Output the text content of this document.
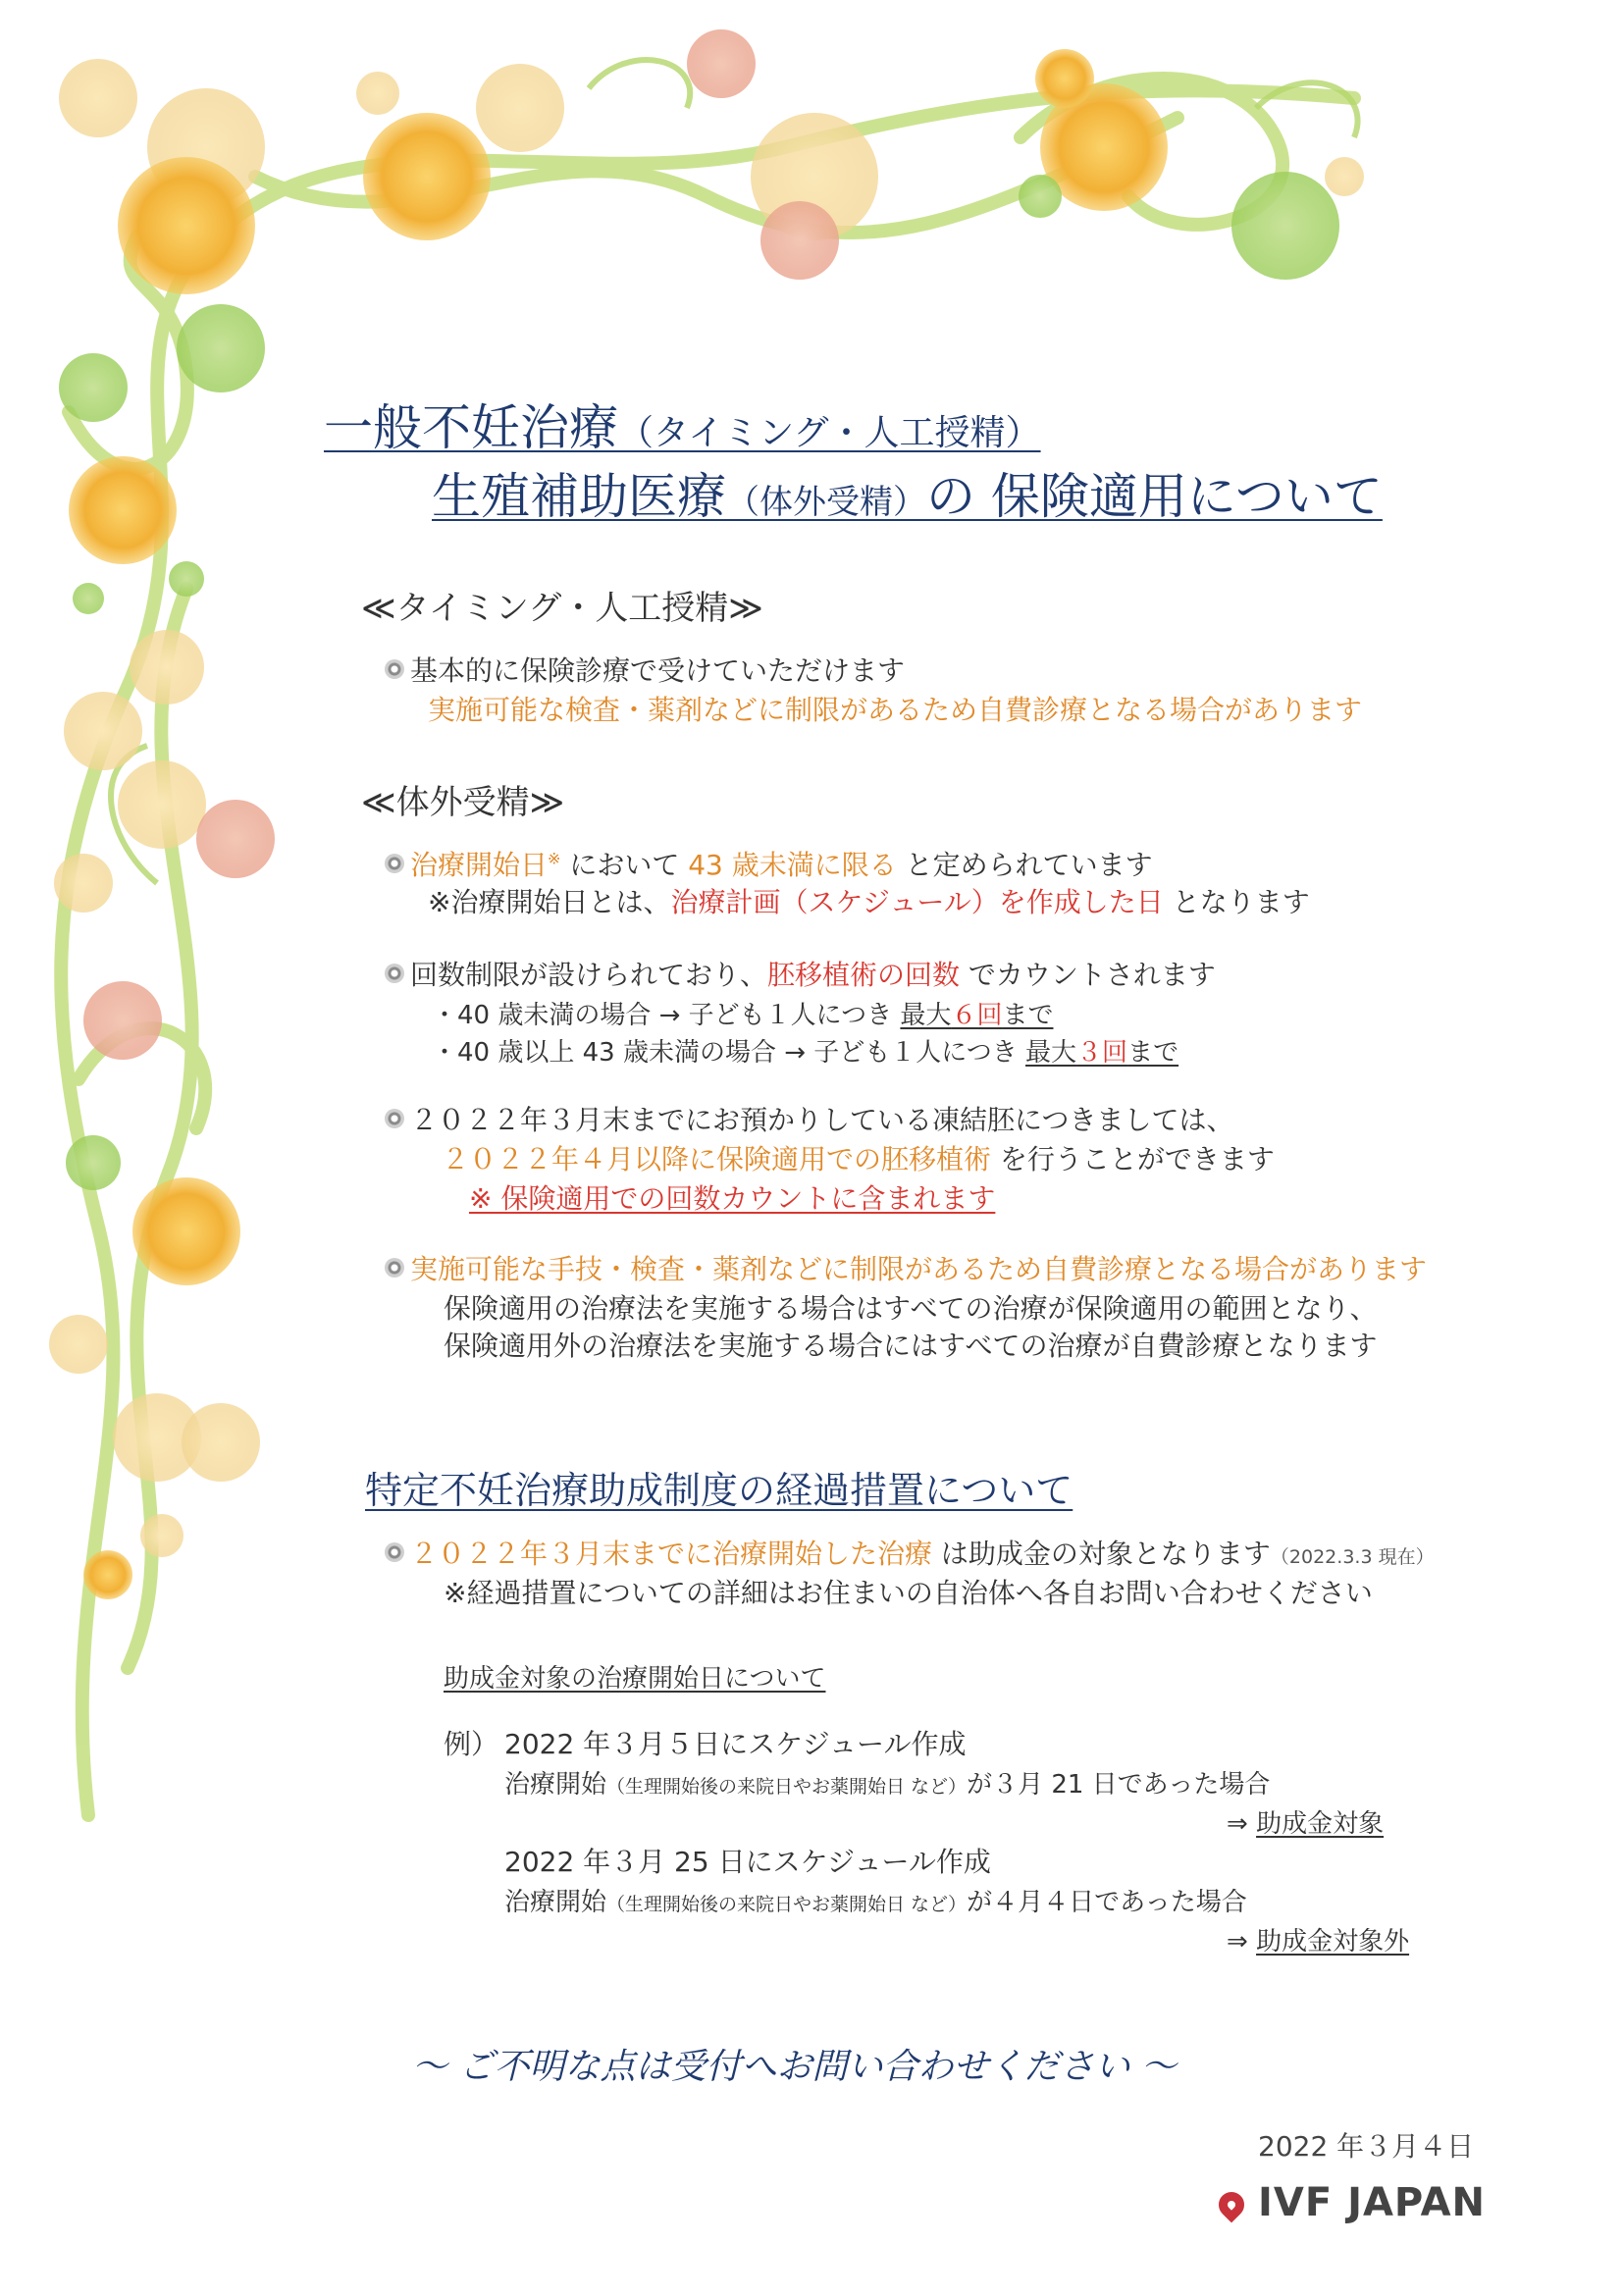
一般不妊治療（タイミング・人工授精）
生殖補助医療（体外受精）の 保険適用について
≪タイミング・人工授精≫
基本的に保険診療で受けていただけます
実施可能な検査・薬剤などに制限があるため自費診療となる場合があります
≪体外受精≫
治療開始日※ において 43 歳未満に限る と定められています
※治療開始日とは、治療計画（スケジュール）を作成した日 となります
回数制限が設けられており、胚移植術の回数 でカウントされます
・40 歳未満の場合 → 子ども１人につき 最大６回まで
・40 歳以上 43 歳未満の場合 → 子ども１人につき 最大３回まで
２０２２年３月末までにお預かりしている凍結胚につきましては、
２０２２年４月以降に保険適用での胚移植術 を行うことができます
※ 保険適用での回数カウントに含まれます
実施可能な手技・検査・薬剤などに制限があるため自費診療となる場合があります
保険適用の治療法を実施する場合はすべての治療が保険適用の範囲となり、
保険適用外の治療法を実施する場合にはすべての治療が自費診療となります
特定不妊治療助成制度の経過措置について
２０２２年３月末までに治療開始した治療 は助成金の対象となります（2022.3.3 現在）
※経過措置についての詳細はお住まいの自治体へ各自お問い合わせください
助成金対象の治療開始日について
例） 2022 年３月５日にスケジュール作成
治療開始（生理開始後の来院日やお薬開始日 など）が３月 21 日であった場合
⇒ 助成金対象
2022 年３月 25 日にスケジュール作成
治療開始（生理開始後の来院日やお薬開始日 など）が４月４日であった場合
⇒ 助成金対象外
～ ご不明な点は受付へお問い合わせください ～
2022 年３月４日
IVF JAPAN
